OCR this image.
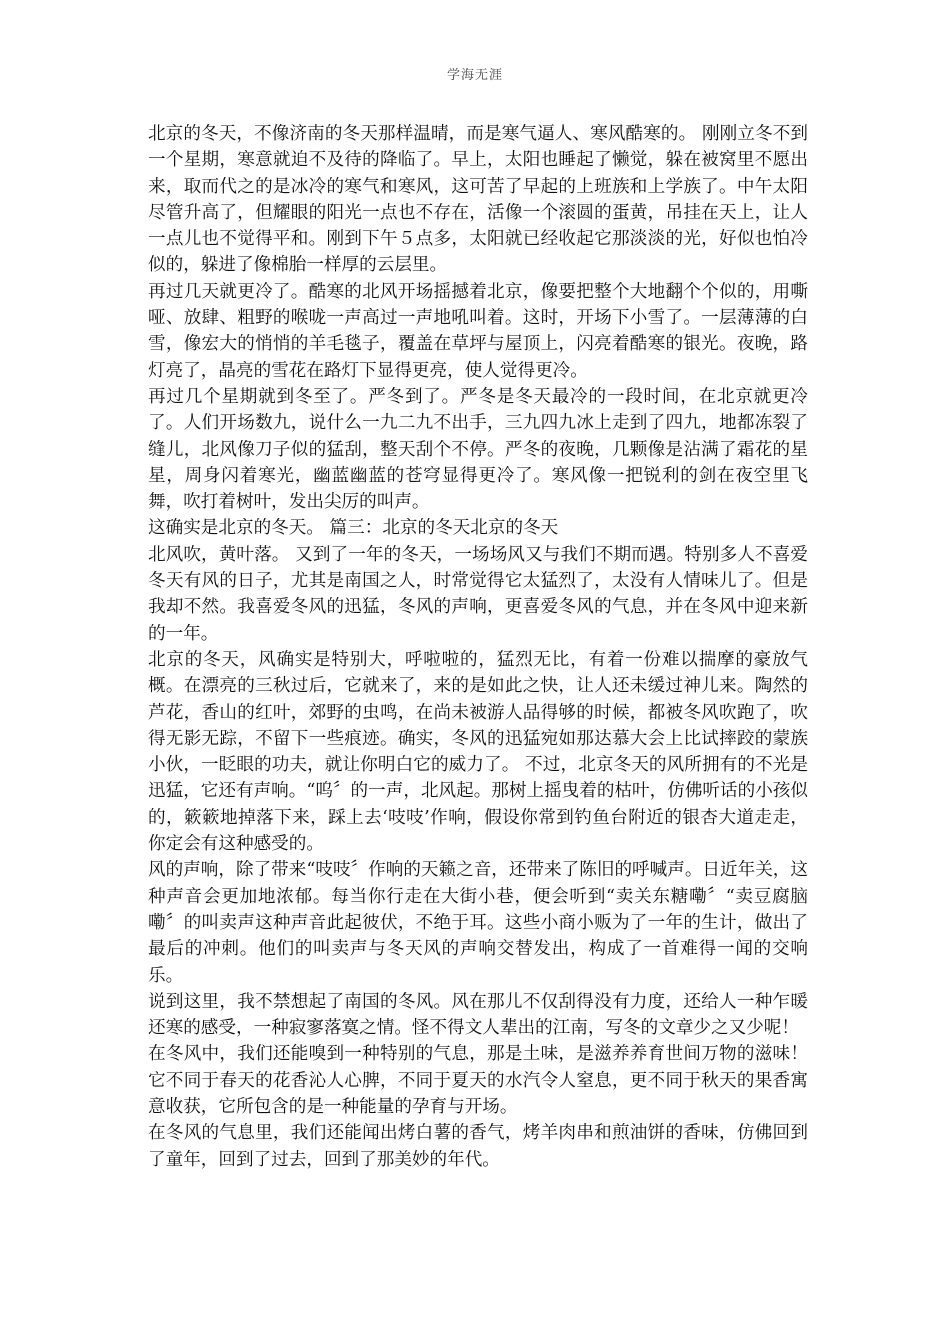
学海无涯

北京的冬天，不像济南的冬天那样温晴，而是寒气逼人、寒风酷寒的。 刚刚立冬不到一个星期，寒意就迫不及待的降临了。早上，太阳也睡起了懒觉，躲在被窝里不愿出来，取而代之的是冰冷的寒气和寒风，这可苦了早起的上班族和上学族了。中午太阳尽管升高了，但耀眼的阳光一点也不存在，活像一个滚圆的蛋黄，吊挂在天上，让人一点儿也不觉得平和。刚到下午５点多，太阳就已经收起它那淡淡的光，好似也怕冷似的，躲进了像棉胎一样厚的云层里。

再过几天就更冷了。酷寒的北风开场摇撼着北京，像要把整个大地翻个个似的，用嘶哑、放肆、粗野的喉咙一声高过一声地吼叫着。这时，开场下小雪了。一层薄薄的白雪，像宏大的悄悄的羊毛毯子，覆盖在草坪与屋顶上，闪亮着酷寒的银光。夜晚，路灯亮了，晶亮的雪花在路灯下显得更亮，使人觉得更冷。

再过几个星期就到冬至了。严冬到了。严冬是冬天最冷的一段时间，在北京就更冷了。人们开场数九，说什么一九二九不出手，三九四九冰上走到了四九，地都冻裂了缝儿，北风像刀子似的猛刮，整天刮个不停。严冬的夜晚，几颗像是沾满了霜花的星星，周身闪着寒光，幽蓝幽蓝的苍穹显得更冷了。寒风像一把锐利的剑在夜空里飞舞，吹打着树叶，发出尖厉的叫声。

这确实是北京的冬天。 篇三：北京的冬天北京的冬天

北风吹，黄叶落。 又到了一年的冬天，一场场风又与我们不期而遇。特别多人不喜爱冬天有风的日子，尤其是南国之人，时常觉得它太猛烈了，太没有人情味儿了。但是我却不然。我喜爱冬风的迅猛，冬风的声响，更喜爱冬风的气息，并在冬风中迎来新的一年。

北京的冬天，风确实是特别大，呼啦啦的，猛烈无比，有着一份难以揣摩的豪放气概。在漂亮的三秋过后，它就来了，来的是如此之快，让人还未缓过神儿来。陶然的芦花，香山的红叶，郊野的虫鸣，在尚未被游人品得够的时候，都被冬风吹跑了，吹得无影无踪，不留下一些痕迹。确实，冬风的迅猛宛如那达慕大会上比试摔跤的蒙族小伙，一眨眼的功夫，就让你明白它的威力了。 不过，北京冬天的风所拥有的不光是迅猛，它还有声响。“呜〞的一声，北风起。那树上摇曳着的枯叶，仿佛听话的小孩似的，簌簌地掉落下来，踩上去‘吱吱’作响，假设你常到钓鱼台附近的银杏大道走走，你定会有这种感受的。

风的声响，除了带来“吱吱〞作响的天籁之音，还带来了陈旧的呼喊声。日近年关，这种声音会更加地浓郁。每当你行走在大街小巷，便会听到“卖关东糖嘞〞“卖豆腐脑嘞〞的叫卖声这种声音此起彼伏，不绝于耳。这些小商小贩为了一年的生计，做出了最后的冲刺。他们的叫卖声与冬天风的声响交替发出，构成了一首难得一闻的交响乐。

说到这里，我不禁想起了南国的冬风。风在那儿不仅刮得没有力度，还给人一种乍暖还寒的感受，一种寂寥落寞之情。怪不得文人辈出的江南，写冬的文章少之又少呢！

在冬风中，我们还能嗅到一种特别的气息，那是土味，是滋养养育世间万物的滋味！它不同于春天的花香沁人心脾，不同于夏天的水汽令人窒息，更不同于秋天的果香寓意收获，它所包含的是一种能量的孕育与开场。

在冬风的气息里，我们还能闻出烤白薯的香气，烤羊肉串和煎油饼的香味，仿佛回到了童年，回到了过去，回到了那美妙的年代。
